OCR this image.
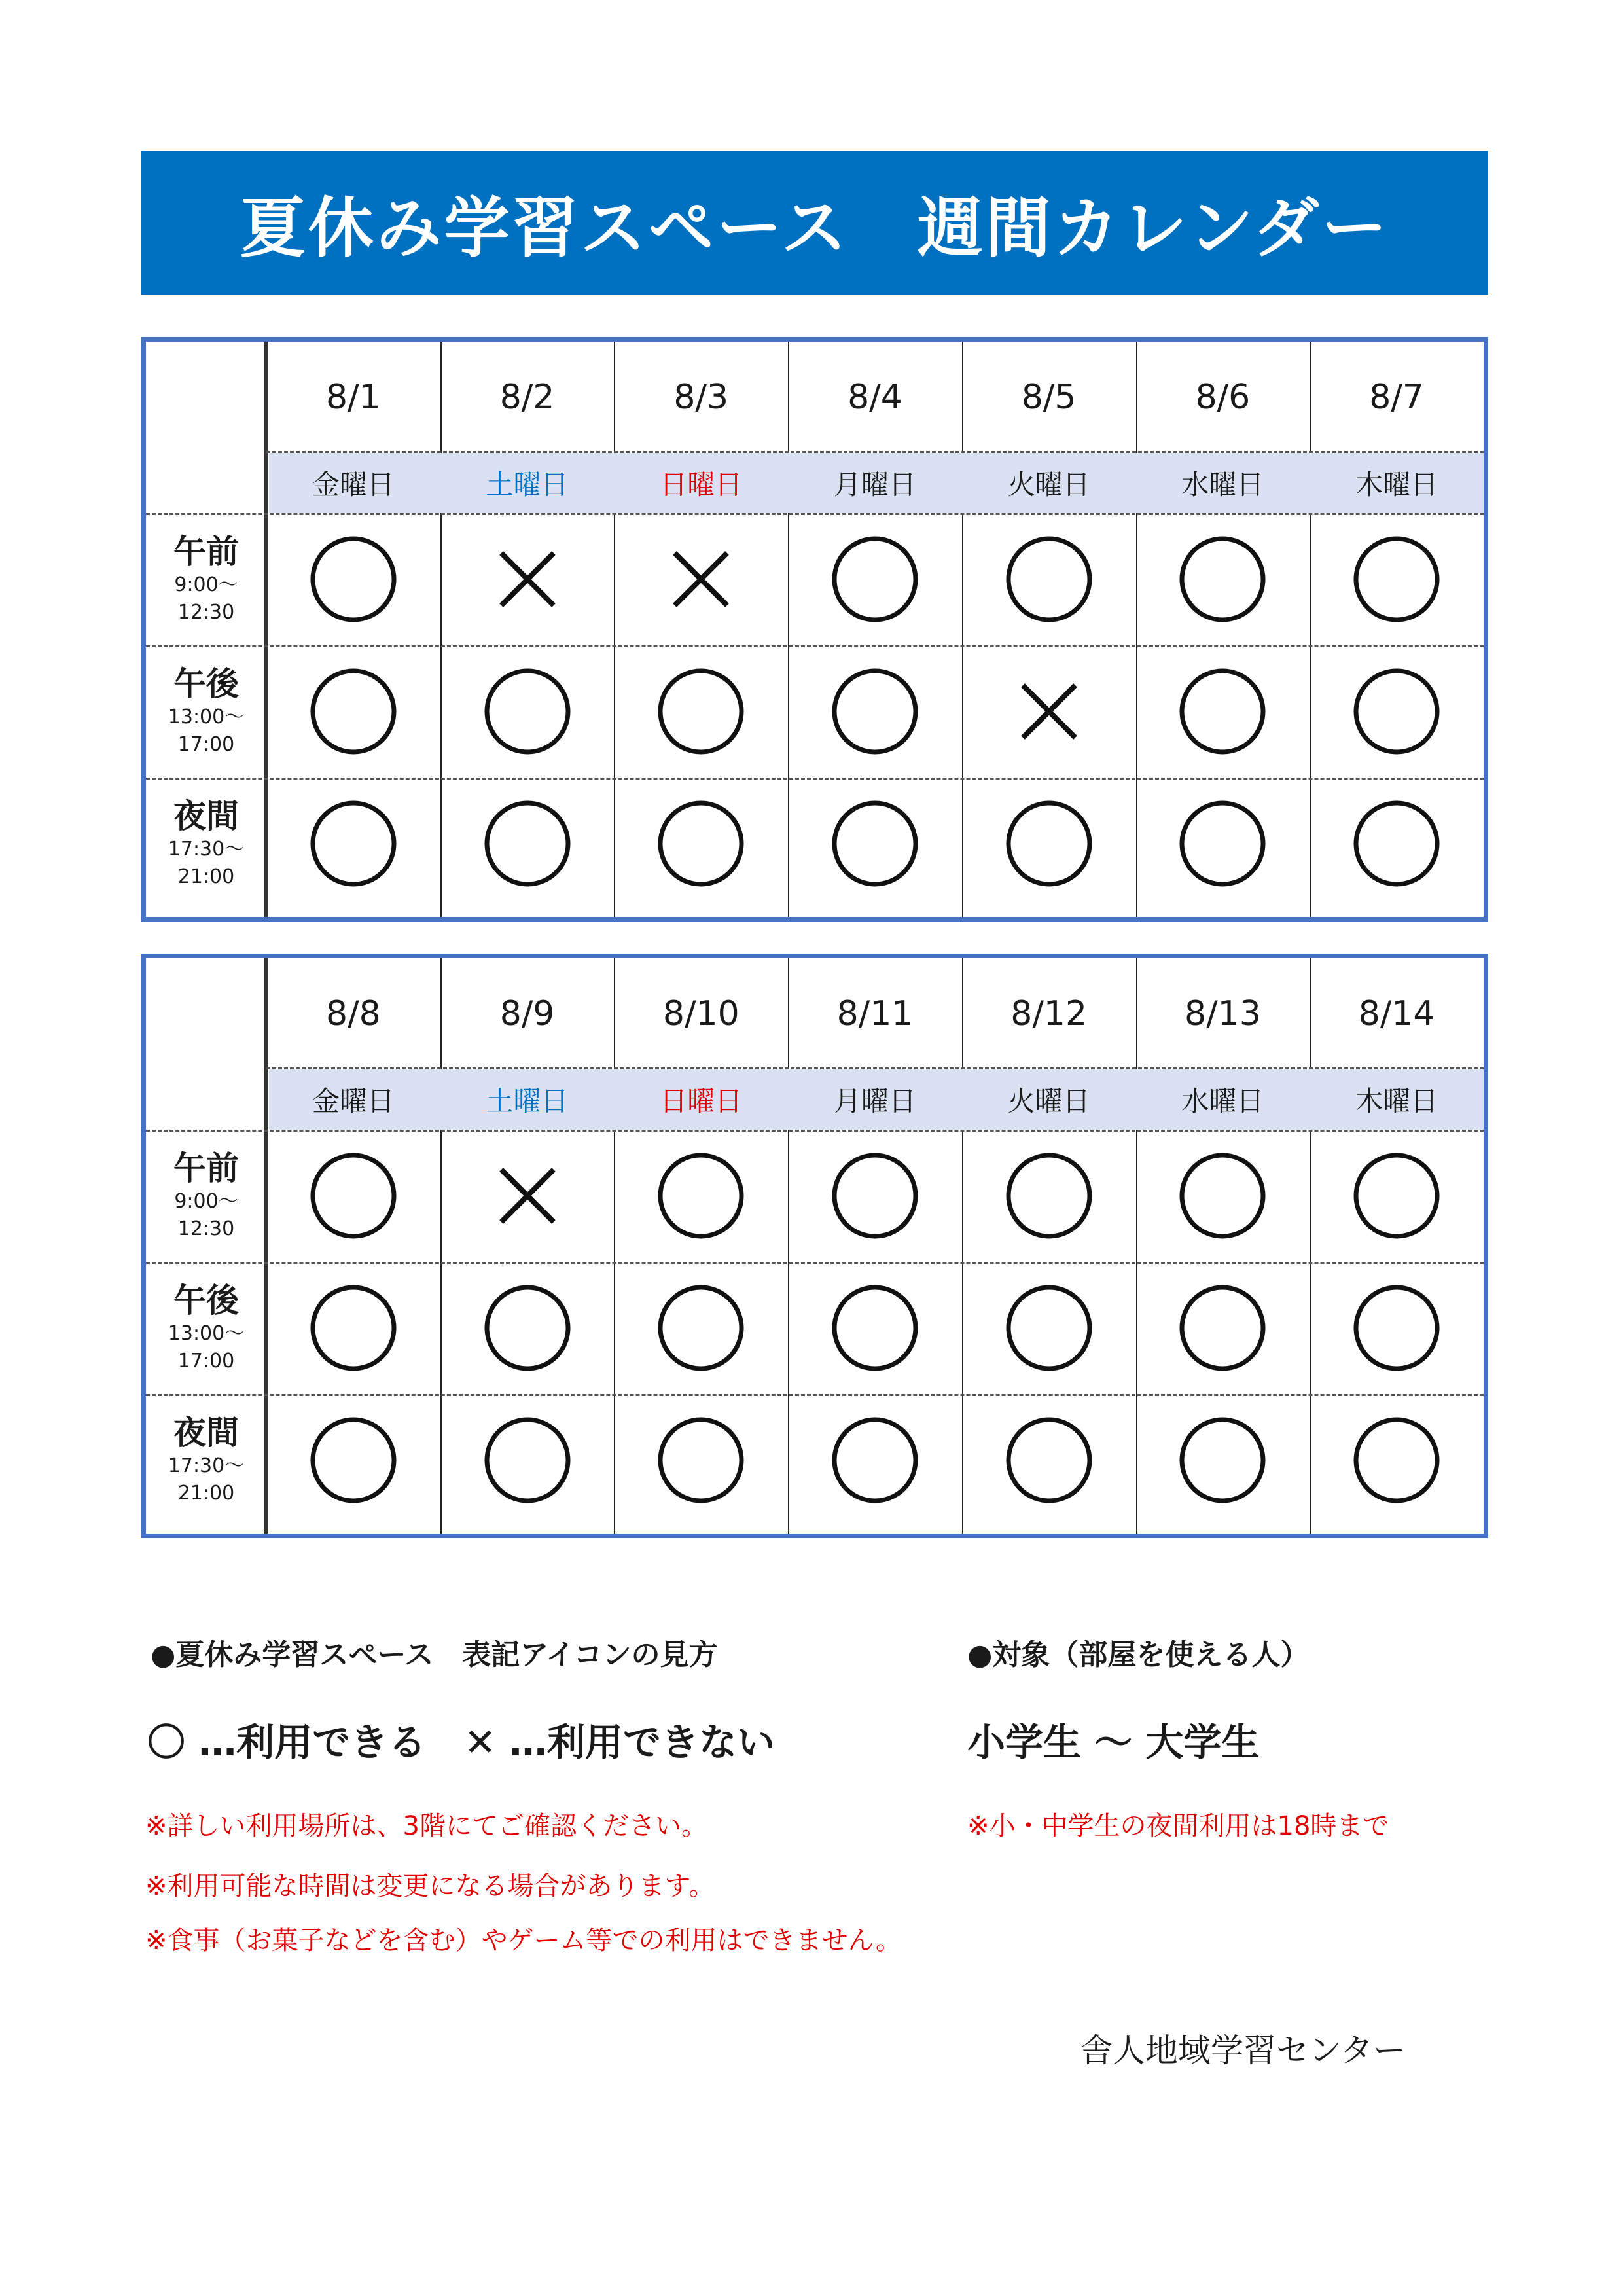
夏休み学習スペース　週間カレンダー
8/1
金曜日
8/2
土曜日
8/3
日曜日
8/4
月曜日
8/5
火曜日
8/6
水曜日
8/7
木曜日
午前
9:00～
12:30
午後
13:00～
17:00
夜間
17:30～
21:00
8/8
金曜日
8/9
土曜日
8/10
日曜日
8/11
月曜日
8/12
火曜日
8/13
水曜日
8/14
木曜日
午前
9:00～
12:30
午後
13:00～
17:00
夜間
17:30～
21:00
●夏休み学習スペース　表記アイコンの見方
〇 …利用できる　✕ …利用できない
●対象（部屋を使える人）
小学生 ～ 大学生
※詳しい利用場所は、3階にてご確認ください。
※利用可能な時間は変更になる場合があります。
※食事（お菓子などを含む）やゲーム等での利用はできません。
※小・中学生の夜間利用は18時まで
舎人地域学習センター
